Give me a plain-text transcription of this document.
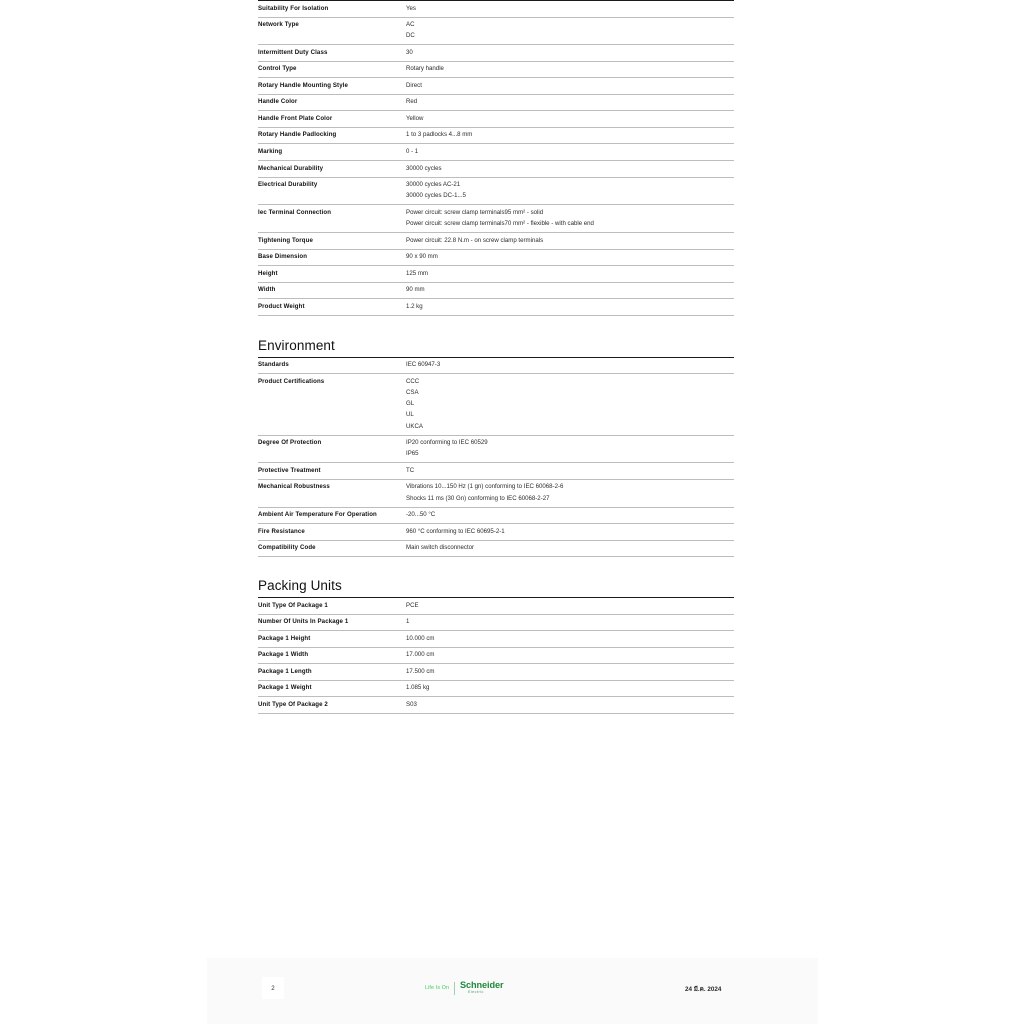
Suitability For Isolation	Yes

Network Type	AC
DC

Intermittent Duty Class	30

Control Type	Rotary handle

Rotary Handle Mounting Style	Direct

Handle Color	Red

Handle Front Plate Color	Yellow

Rotary Handle Padlocking	1 to 3 padlocks 4...8 mm

Marking	0 - 1

Mechanical Durability	30000 cycles

Electrical Durability	30000 cycles AC-21
30000 cycles DC-1...5

Iec Terminal Connection	Power circuit: screw clamp terminals95 mm² - solid
Power circuit: screw clamp terminals70 mm² - flexible - with cable end

Tightening Torque	Power circuit: 22.8 N.m - on screw clamp terminals

Base Dimension	90 x 90 mm

Height	125 mm

Width	90 mm

Product Weight	1.2 kg
Environment
Standards	IEC 60947-3

Product Certifications	CCC
CSA
GL
UL
UKCA

Degree Of Protection	IP20 conforming to IEC 60529
IP65

Protective Treatment	TC

Mechanical Robustness	Vibrations 10...150 Hz (1 gn) conforming to IEC 60068-2-6
Shocks 11 ms (30 Gn) conforming to IEC 60068-2-27

Ambient Air Temperature For Operation	-20...50 °C

Fire Resistance	960 °C conforming to IEC 60695-2-1

Compatibility Code	Main switch disconnector
Packing Units
Unit Type Of Package 1	PCE

Number Of Units In Package 1	1

Package 1 Height	10.000 cm

Package 1 Width	17.000 cm

Package 1 Length	17.500 cm

Package 1 Weight	1.085 kg

Unit Type Of Package 2	S03
2	Life Is On	Schneider
Electric	24 มี.ค. 2024
